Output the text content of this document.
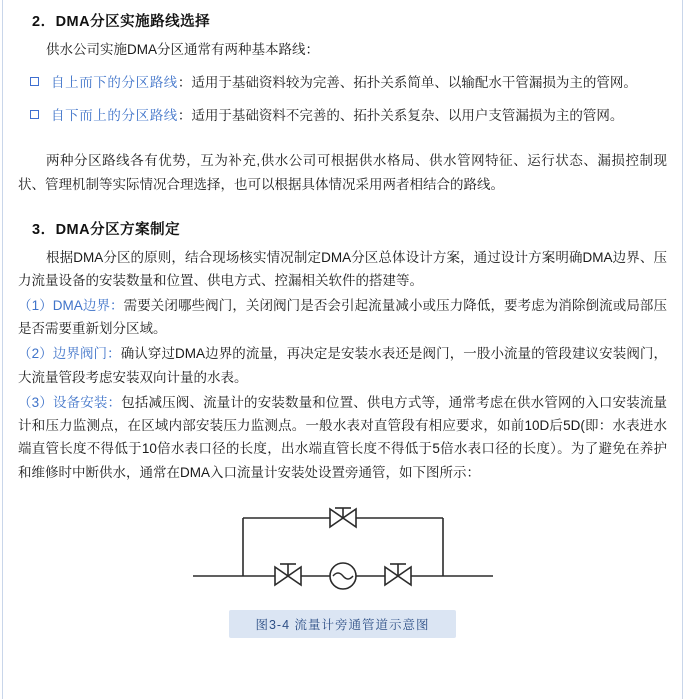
2．DMA分区实施路线选择
供水公司实施DMA分区通常有两种基本路线：
自上而下的分区路线：适用于基础资料较为完善、拓扑关系简单、以输配水干管漏损为主的管网。
自下而上的分区路线：适用于基础资料不完善的、拓扑关系复杂、以用户支管漏损为主的管网。
两种分区路线各有优势，互为补充,供水公司可根据供水格局、供水管网特征、运行状态、漏损控制现状、管理机制等实际情况合理选择，也可以根据具体情况采用两者相结合的路线。
3．DMA分区方案制定
根据DMA分区的原则，结合现场核实情况制定DMA分区总体设计方案，通过设计方案明确DMA边界、压力流量设备的安装数量和位置、供电方式、控漏相关软件的搭建等。
（1）DMA边界：需要关闭哪些阀门，关闭阀门是否会引起流量减小或压力降低，要考虑为消除倒流或局部压是否需要重新划分区域。
（2）边界阀门：确认穿过DMA边界的流量，再决定是安装水表还是阀门，一股小流量的管段建议安装阀门，大流量管段考虑安装双向计量的水表。
（3）设备安装：包括减压阀、流量计的安装数量和位置、供电方式等，通常考虑在供水管网的入口安装流量计和压力监测点，在区域内部安装压力监测点。一般水表对直管段有相应要求，如前10D后5D(即：水表进水端直管长度不得低于10倍水表口径的长度，出水端直管长度不得低于5倍水表口径的长度）。为了避免在养护和维修时中断供水，通常在DMA入口流量计安装处设置旁通管，如下图所示：
图3-4 流量计旁通管道示意图
